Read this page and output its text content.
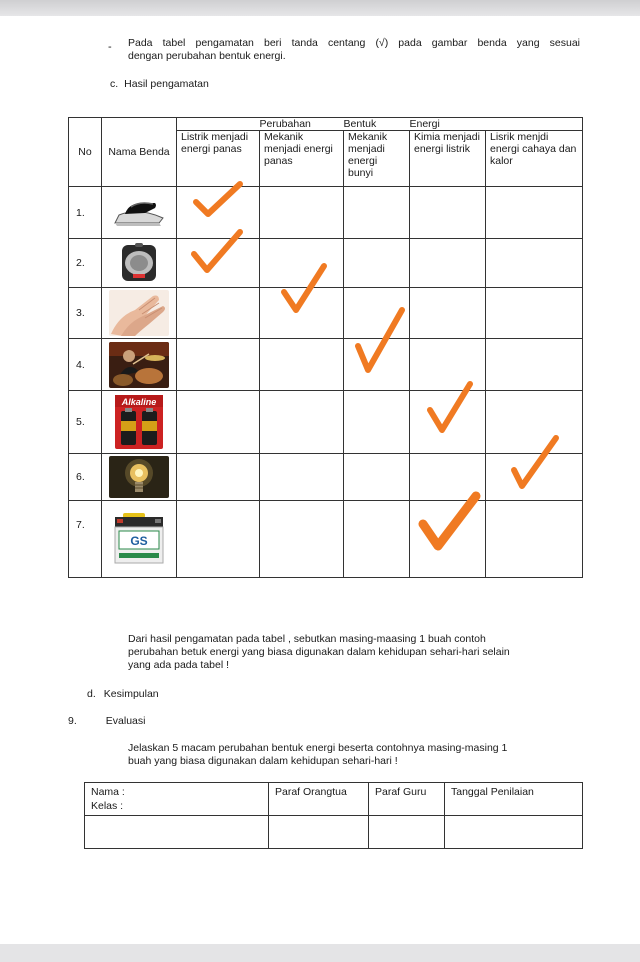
- Pada tabel pengamatan beri tanda centang (√) pada gambar benda yang sesuai
dengan perubahan bentuk energi.
c. Hasil pengamatan
No	Nama Benda		Perubahan	Bentuk	Energi	
		Listrik menjadi energi panas	Mekanik menjadi energi panas	Mekanik menjadi energi bunyi	Kimia menjadi energi listrik	Lisrik menjdi energi cahaya dan kalor
1.	

2.	

3.	

4.	

5.	Alkaline					

6.	

7.	GS					

Dari hasil pengamatan pada tabel , sebutkan masing-maasing 1 buah contoh
perubahan betuk energi yang biasa digunakan dalam kehidupan sehari-hari selain
yang ada pada tabel !
d. Kesimpulan
9.	Evaluasi
Jelaskan 5 macam perubahan bentuk energi beserta contohnya masing-masing 1
buah yang biasa digunakan dalam kehidupan sehari-hari !
Nama :
Kelas :	Paraf Orangtua	Paraf Guru	Tanggal Penilaian
